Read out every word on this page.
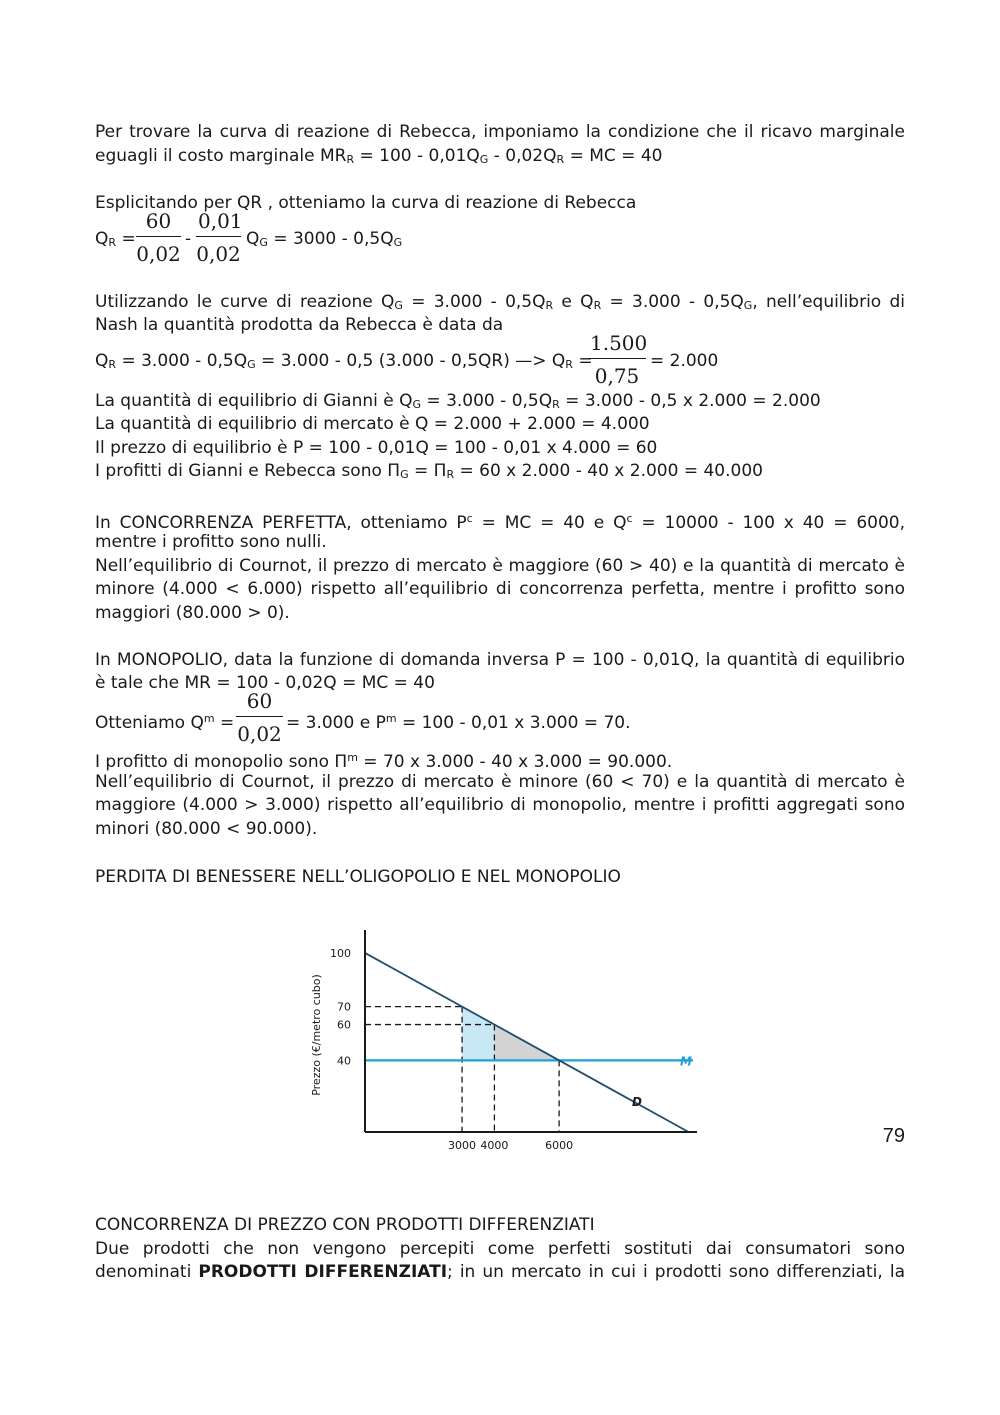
Per trovare la curva di reazione di Rebecca, imponiamo la condizione che il ricavo marginale
eguagli il costo marginale $MR_R = 100 - 0,01Q_G - 0,02Q_R$ = MC = 40
Esplicitando per QR , otteniamo la curva di reazione di Rebecca
$Q_R = \frac{60}{0,02} - \frac{0,01}{0,02} Q_G = 3000 - 0,5Q_G$
Utilizzando le curve di reazione $Q_G = 3.000 - 0,5Q_R$ e $Q_R = 3.000 - 0,5Q_G$, nell’equilibrio di
Nash la quantità prodotta da Rebecca è data da
$Q_R = 3.000 - 0,5Q_G = 3.000 - 0,5$ (3.000 - 0,5QR) —> $Q_R$ =
$\frac{1.500}{0,75} = 2.000$
La quantità di equilibrio di Gianni è $Q_G = 3.000 - 0,5Q_R = 3.000 - 0,5$ x 2.000 = 2.000
La quantità di equilibrio di mercato è Q = 2.000 + 2.000 = 4.000
Il prezzo di equilibrio è P = 100 - 0,01Q = 100 - 0,01 x 4.000 = 60
I profitti di Gianni e Rebecca sono $\Pi_G = \Pi_R = 60$ x 2.000 - 40 x 2.000 = 40.000
In CONCORRENZA PERFETTA, otteniamo $P^c$ = MC = 40 e $Q^c = 10000 - 100$ x 40 = 6000,
mentre i profitto sono nulli.
Nell’equilibrio di Cournot, il prezzo di mercato è maggiore (60 > 40) e la quantità di mercato è
minore (4.000 < 6.000) rispetto all’equilibrio di concorrenza perfetta, mentre i profitto sono
maggiori (80.000 > 0).
In MONOPOLIO, data la funzione di domanda inversa P = 100 - 0,01Q, la quantità di equilibrio
è tale che MR = 100 - 0,02Q = MC = 40
Otteniamo $Q^m = \frac{60}{0,02} = 3.000$ e $P^m = 100 - 0,01$ x 3.000 = 70.
I profitto di monopolio sono $\Pi^m = 70$ x 3.000 - 40 x 3.000 = 90.000.
Nell’equilibrio di Cournot, il prezzo di mercato è minore (60 < 70) e la quantità di mercato è
maggiore (4.000 > 3.000) rispetto all’equilibrio di monopolio, mentre i profitti aggregati sono
minori (80.000 < 90.000).
PERDITA DI BENESSERE NELL’OLIGOPOLIO E NEL MONOPOLIO
M
D
100
70
60
40
3000 4000	6000
Prezzo (€/metro cubo)
CONCORRENZA DI PREZZO CON PRODOTTI DIFFERENZIATI
Due prodotti che non vengono percepiti come perfetti sostituti dai consumatori sono
denominati PRODOTTI DIFFERENZIATI; in un mercato in cui i prodotti sono differenziati, la
79
